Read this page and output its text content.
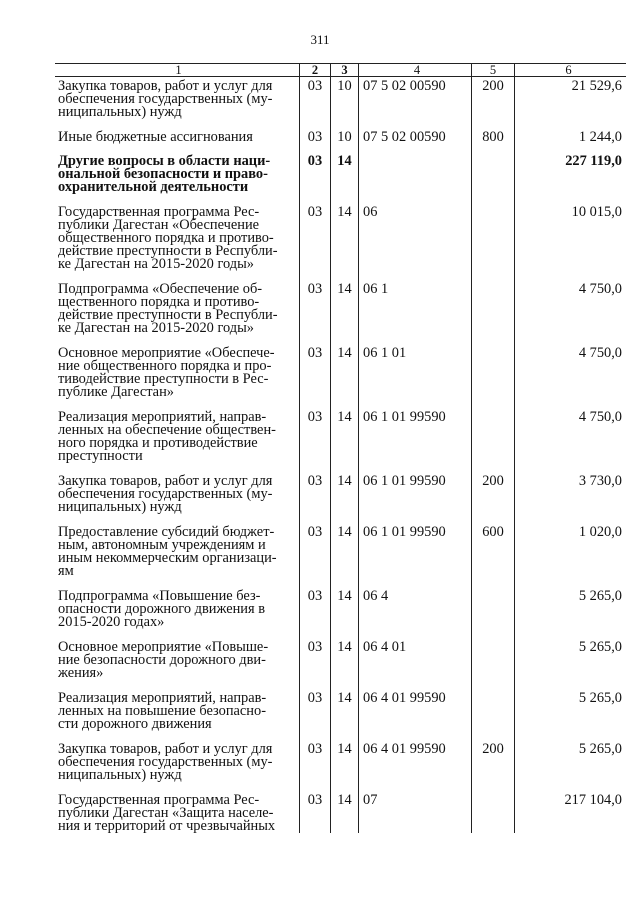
311
1	2	3	4	5	6

Закупка товаров, работ и услуг для
обеспечения государственных (му-
ниципальных) нужд	03	10	07 5 02 00590	200	21 529,6

Иные бюджетные ассигнования	03	10	07 5 02 00590	800	1 244,0

Другие вопросы в области наци-
ональной безопасности и право-
охранительной деятельности	03	14			227 119,0

Государственная программа Рес-
публики Дагестан «Обеспечение
общественного порядка и противо-
действие преступности в Республи-
ке Дагестан на 2015-2020 годы»	03	14	06		10 015,0

Подпрограмма «Обеспечение об-
щественного порядка и противо-
действие преступности в Республи-
ке Дагестан на 2015-2020 годы»	03	14	06 1		4 750,0

Основное мероприятие «Обеспече-
ние общественного порядка и про-
тиводействие преступности в Рес-
публике Дагестан»	03	14	06 1 01		4 750,0

Реализация мероприятий, направ-
ленных на обеспечение обществен-
ного порядка и противодействие
преступности	03	14	06 1 01 99590		4 750,0

Закупка товаров, работ и услуг для
обеспечения государственных (му-
ниципальных) нужд	03	14	06 1 01 99590	200	3 730,0

Предоставление субсидий бюджет-
ным, автономным учреждениям и
иным некоммерческим организаци-
ям	03	14	06 1 01 99590	600	1 020,0

Подпрограмма «Повышение без-
опасности дорожного движения в
2015-2020 годах»	03	14	06 4		5 265,0

Основное мероприятие «Повыше-
ние безопасности дорожного дви-
жения»	03	14	06 4 01		5 265,0

Реализация мероприятий, направ-
ленных на повышение безопасно-
сти дорожного движения	03	14	06 4 01 99590		5 265,0

Закупка товаров, работ и услуг для
обеспечения государственных (му-
ниципальных) нужд	03	14	06 4 01 99590	200	5 265,0

Государственная программа Рес-
публики Дагестан «Защита населе-
ния и территорий от чрезвычайных	03	14	07		217 104,0
